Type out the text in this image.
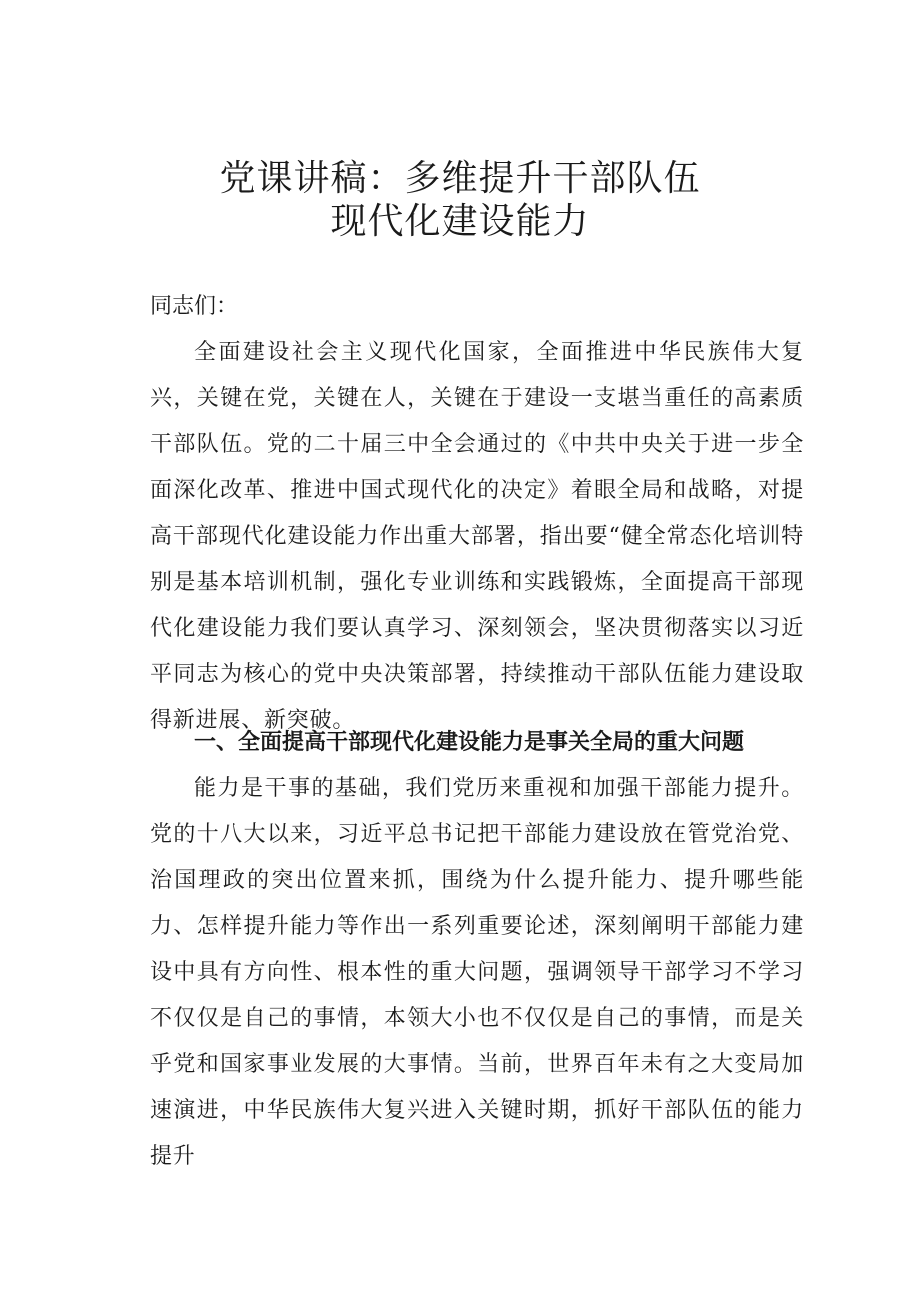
党课讲稿：多维提升干部队伍
现代化建设能力
同志们：
全面建设社会主义现代化国家，全面推进中华民族伟大复兴，关键在党，关键在人，关键在于建设一支堪当重任的高素质干部队伍。党的二十届三中全会通过的《中共中央关于进一步全面深化改革、推进中国式现代化的决定》着眼全局和战略，对提高干部现代化建设能力作出重大部署，指出要“健全常态化培训特别是基本培训机制，强化专业训练和实践锻炼，全面提高干部现代化建设能力我们要认真学习、深刻领会，坚决贯彻落实以习近平同志为核心的党中央决策部署，持续推动干部队伍能力建设取得新进展、新突破。
一、全面提高干部现代化建设能力是事关全局的重大问题
能力是干事的基础，我们党历来重视和加强干部能力提升。党的十八大以来，习近平总书记把干部能力建设放在管党治党、治国理政的突出位置来抓，围绕为什么提升能力、提升哪些能力、怎样提升能力等作出一系列重要论述，深刻阐明干部能力建设中具有方向性、根本性的重大问题，强调领导干部学习不学习不仅仅是自己的事情，本领大小也不仅仅是自己的事情，而是关乎党和国家事业发展的大事情。当前，世界百年未有之大变局加速演进，中华民族伟大复兴进入关键时期，抓好干部队伍的能力提升
